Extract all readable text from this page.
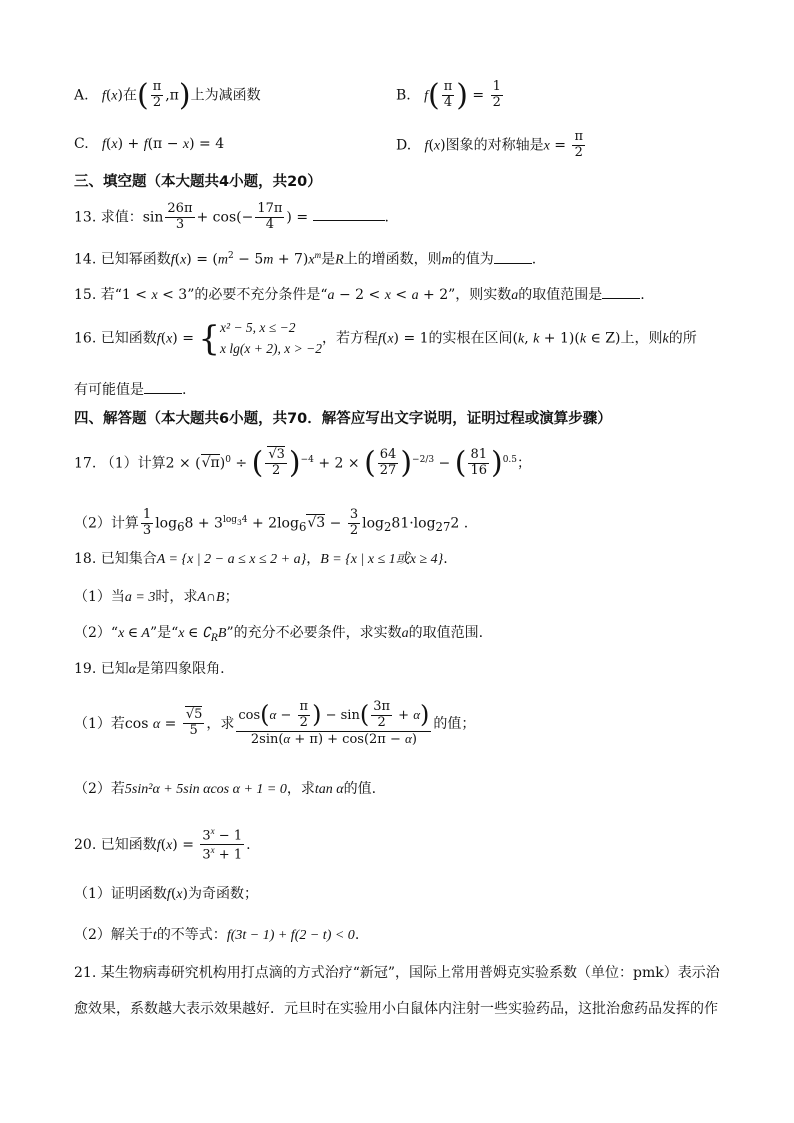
A. f(x)在( $\frac{\pi}{2} ,\pi$)上为减函数	B. $f( \frac{\pi}{4}$ ) = $\frac{1}{2}$
C. f(x) + f(π − x) = 4	D. f(x)图象的对称轴是$x = \frac{\pi}{2}$
三、填空题（本大题共4小题，共20）
13. 求值：$\sin \frac{26\pi}{3} + \cos(- \frac{17\pi}{4}$ ) =	.
14. 已知幂函数$f(x) = (m^2 - 5m + 7)x^m$是R上的增函数，则m的值为	.
15. 若“1 < x < 3”的必要不充分条件是“a − 2 < x < a + 2”，则实数a的取值范围是	.
16. 已知函数f(x) = { x² − 5, x ≤ −2
x lg(x + 2), x > −2
，若方程f(x) = 1的实根在区间(k, k + 1)(k ∈ Z)上，则k的所
有可能值是	.
四、解答题（本大题共6小题，共70．解答应写出文字说明，证明过程或演算步骤）
17. （1）计算$2 \times (√\pi)^0$ ÷ ( $\frac{√3}{2} )^{-4} + 2$ × ( $\frac{64}{27} )^{-2/3}$ − ( $\frac{81}{16} )^{0.5}$；
（2）计算 $\frac{1}{3} \log_68 + 3^{log_34} + 2\log_6√3 - \frac{3}{2} \log_281\cdot\log_{27}2$ .
18. 已知集合A = {x | 2 − a ≤ x ≤ 2 + a}，B = {x | x ≤ 1或x ≥ 4}.
（1）当a = 3时，求A∩B；
（2）“x ∈ A”是“x ∈ $∁_RB$”的充分不必要条件，求实数a的取值范围.
19. 已知α是第四象限角.
（1）若$\cos \alpha = \frac{√5}{5}$ ，求 $\frac{\cos(\alpha - \frac{\pi}{2} ) - \sin( \frac{3\pi}{2} + \alpha)}{2\sin(\alpha + \pi) + \cos(2\pi - \alpha)}$ 的值；
（2）若5sin²α + 5sin αcos α + 1 = 0，求tan α的值.
20. 已知函数$f(x) = \frac{3^x - 1}{3^x + 1}$ .
（1）证明函数f(x)为奇函数；
（2）解关于t的不等式：f(3t − 1) + f(2 − t) < 0.
21. 某生物病毒研究机构用打点滴的方式治疗“新冠”，国际上常用普姆克实验系数（单位：pmk）表示治
愈效果，系数越大表示效果越好．元旦时在实验用小白鼠体内注射一些实验药品，这批治愈药品发挥的作
